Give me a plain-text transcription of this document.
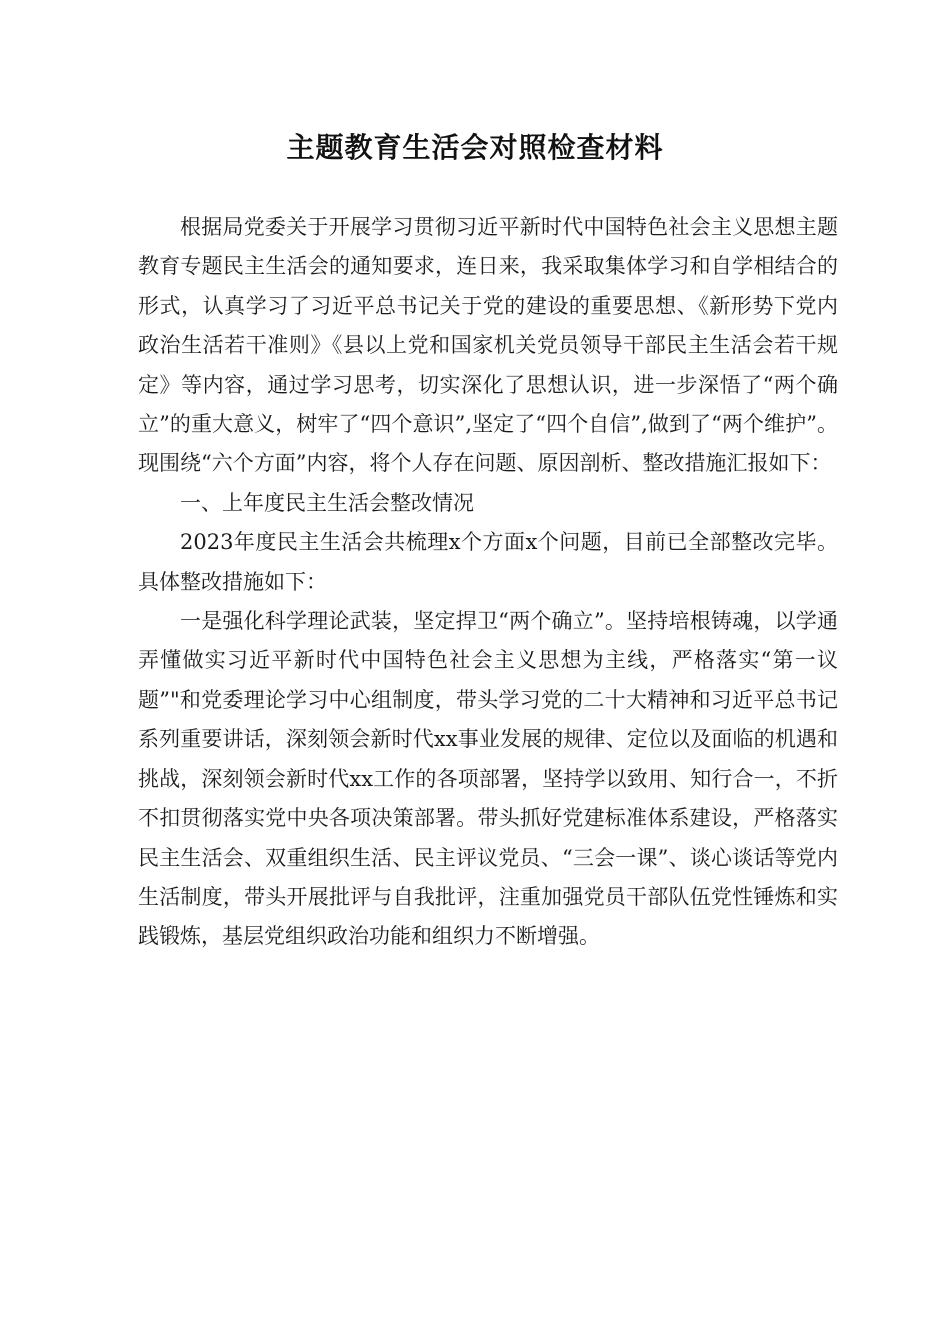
主题教育生活会对照检查材料

根据局党委关于开展学习贯彻习近平新时代中国特色社会主义思想主题教育专题民主生活会的通知要求，连日来，我采取集体学习和自学相结合的形式，认真学习了习近平总书记关于党的建设的重要思想、《新形势下党内政治生活若干准则》《县以上党和国家机关党员领导干部民主生活会若干规定》等内容，通过学习思考，切实深化了思想认识，进一步深悟了“两个确立”的重大意义，树牢了“四个意识”,坚定了“四个自信”,做到了“两个维护”。现围绕“六个方面”内容，将个人存在问题、原因剖析、整改措施汇报如下：

一、上年度民主生活会整改情况

2023年度民主生活会共梳理x个方面x个问题，目前已全部整改完毕。具体整改措施如下：

一是强化科学理论武装，坚定捍卫“两个确立”。坚持培根铸魂，以学通弄懂做实习近平新时代中国特色社会主义思想为主线，严格落实“第一议题”"和党委理论学习中心组制度，带头学习党的二十大精神和习近平总书记系列重要讲话，深刻领会新时代xx事业发展的规律、定位以及面临的机遇和挑战，深刻领会新时代xx工作的各项部署，坚持学以致用、知行合一，不折不扣贯彻落实党中央各项决策部署。带头抓好党建标准体系建设，严格落实民主生活会、双重组织生活、民主评议党员、“三会一课”、谈心谈话等党内生活制度，带头开展批评与自我批评，注重加强党员干部队伍党性锤炼和实践锻炼，基层党组织政治功能和组织力不断增强。
